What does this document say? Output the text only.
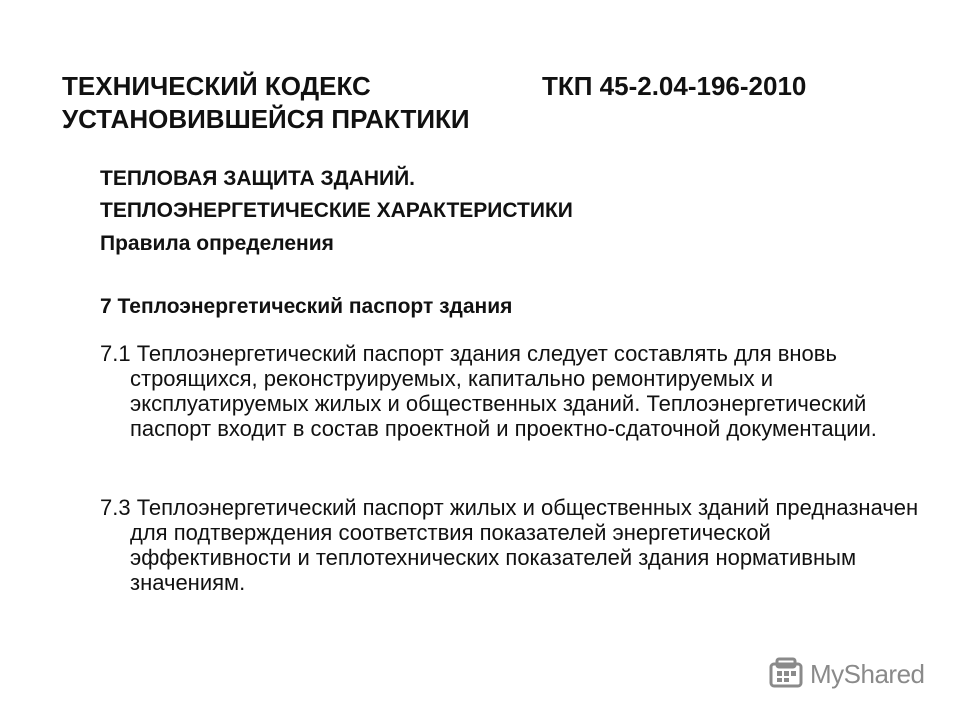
ТЕХНИЧЕСКИЙ КОДЕКС	ТКП 45-2.04-196-2010
УСТАНОВИВШЕЙСЯ ПРАКТИКИ
ТЕПЛОВАЯ ЗАЩИТА ЗДАНИЙ.
ТЕПЛОЭНЕРГЕТИЧЕСКИЕ ХАРАКТЕРИСТИКИ
Правила определения
7 Теплоэнергетический паспорт здания

7.1 Теплоэнергетический паспорт здания следует составлять для вновь строящихся, реконструируемых, капитально ремонтируемых и эксплуатируемых жилых и общественных зданий. Теплоэнергетический паспорт входит в состав проектной и проектно-сдаточной документации.

7.3 Теплоэнергетический паспорт жилых и общественных зданий предназначен для подтверждения соответствия показателей энергетической эффективности и теплотехнических показателей здания нормативным значениям.

MyShared
